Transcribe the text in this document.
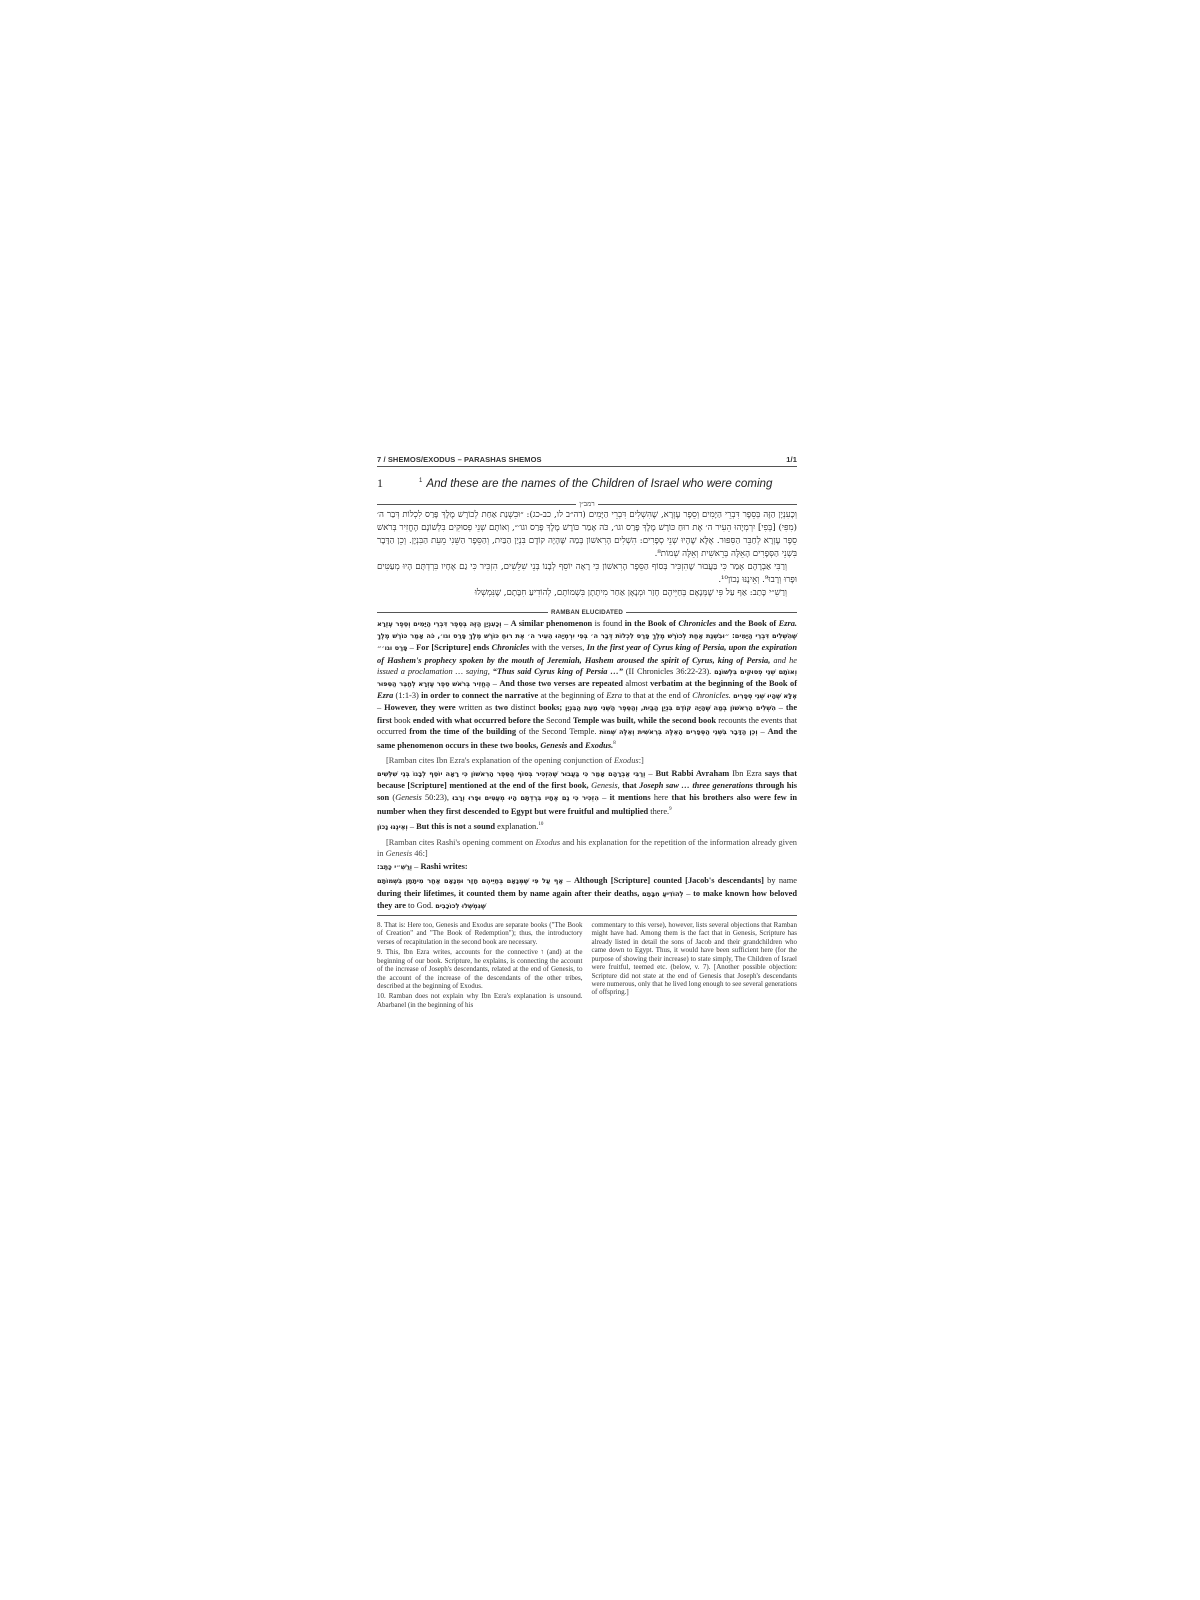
7 / SHEMOS/EXODUS – PARASHAS SHEMOS	1/1
1	$^1$ And these are the names of the Children of Israel who were coming
רמב״ן

וְכָעִנְיָן הַזֶּה בְּסֵפֶר דִּבְרֵי הַיָּמִים וְסֵפֶר עֶזְרָא, שֶׁהִשְׁלִים דִּבְרֵי הַיָּמִים (דה״ב לו, כב-כג): ״וּבִשְׁנַת אַחַת לְכוֹרֶשׁ מֶלֶךְ פָּרַס לִכְלוֹת דְּבַר ה׳ (מִפִּי) [בְּפִי] יִרְמְיָהוּ הֵעִיר ה׳ אֶת רוּחַ כּוֹרֶשׁ מֶלֶךְ פָּרַס וגו׳, כֹּה אָמַר כּוֹרֶשׁ מֶלֶךְ פָּרַס וגו׳״, וְאוֹתָם שְׁנֵי פְסוּקִים בִּלְשׁוֹנָם הֶחֱזִיר בְּרֹאשׁ סֵפֶר עֶזְרָא לְחַבֵּר הַסִּפּוּר. אֶלָּא שֶׁהָיוּ שְׁנֵי סְפָרִים: הִשְׁלִים הָרִאשׁוֹן בְּמַה שֶּׁהָיָה קוֹדֶם בִּנְיַן הַבַּיִת, וְהַסֵּפֶר הַשֵּׁנִי מֵעֵת הַבִּנְיָן. וְכֵן הַדָּבָר בִּשְׁנֵי הַסְּפָרִים הָאֵלֶּה בְּרֵאשִׁית וְאֵלֶּה שְׁמוֹת⁸.

וְרַבִּי אַבְרָהָם אָמַר כִּי בַּעֲבוּר שֶׁהִזְכִּיר בְּסוֹף הַסֵּפֶר הָרִאשׁוֹן כִּי רָאָה יוֹסֵף לְבָנוֹ בְּנֵי שִׁלֵּשִׁים, הִזְכִּיר כִּי גַם אֶחָיו בִּרְדְתָּם הָיוּ מְעַטִּים וּפָרוּ וְרָבוּ⁹. וְאֵינֶנּוּ נָכוֹן¹⁰.

וְרַשִׁ״י כָּתַב: אַף עַל פִּי שֶׁמְּנָאָם בְּחַיֵּיהֶם חָזַר וּמְנָאָן אַחַר מִיתָתָן בִּשְׁמוֹתָם, לְהוֹדִיעַ חִבָּתָם, שֶׁנִּמְשְׁלוּ

RAMBAN ELUCIDATED

וְכָעִנְיָן הַזֶּה בְּסֵפֶר דִּבְרֵי הַיָּמִים וְסֵפֶר עֶזְרָא – A similar phenomenon is found in the Book of Chronicles and the Book of Ezra. שֶׁהִשְׁלִים דִּבְרֵי הַיָּמִים: ״וּבִשְׁנַת אַחַת לְכוֹרֶשׁ מֶלֶךְ פָּרַס לִכְלוֹת דְּבַר ה׳ בְּפִי יִרְמְיָהוּ הֵעִיר ה׳ אֶת רוּחַ כּוֹרֶשׁ מֶלֶךְ פָּרַס וגו׳, כֹּה אָמַר כּוֹרֶשׁ מֶלֶךְ פָּרַס וגו׳״ – For [Scripture] ends Chronicles with the verses, In the first year of Cyrus king of Persia, upon the expiration of Hashem's prophecy spoken by the mouth of Jeremiah, Hashem aroused the spirit of Cyrus, king of Persia, and he issued a proclamation … saying, “Thus said Cyrus king of Persia …” (II Chronicles 36:22-23). וְאוֹתָם שְׁנֵי פְסוּקִים בִּלְשׁוֹנָם הֶחֱזִיר בְּרֹאשׁ סֵפֶר עֶזְרָא לְחַבֵּר הַסִּפּוּר – And those two verses are repeated almost verbatim at the beginning of the Book of Ezra (1:1-3) in order to connect the narrative at the beginning of Ezra to that at the end of Chronicles. אֶלָּא שֶׁהָיוּ שְׁנֵי סְפָרִים – However, they were written as two distinct books; הִשְׁלִים הָרִאשׁוֹן בְּמַה שֶּׁהָיָה קוֹדֶם בִּנְיַן הַבַּיִת, וְהַסֵּפֶר הַשֵּׁנִי מֵעֵת הַבִּנְיָן – the first book ended with what occurred before the Second Temple was built, while the second book recounts the events that occurred from the time of the building of the Second Temple. וְכֵן הַדָּבָר בִּשְׁנֵי הַסְּפָרִים הָאֵלֶּה בְּרֵאשִׁית וְאֵלֶּה שְׁמוֹת – And the same phenomenon occurs in these two books, Genesis and Exodus.$^8$

[Ramban cites Ibn Ezra's explanation of the opening conjunction of Exodus:]

וְרַבִּי אַבְרָהָם אָמַר כִּי בַּעֲבוּר שֶׁהִזְכִּיר בְּסוֹף הַסֵּפֶר הָרִאשׁוֹן כִּי רָאָה יוֹסֵף לְבָנוֹ בְּנֵי שִׁלֵּשִׁים – But Rabbi Avraham Ibn Ezra says that because [Scripture] mentioned at the end of the first book, Genesis, that Joseph saw … three generations through his son (Genesis 50:23), הִזְכִּיר כִּי גַם אֶחָיו בִּרְדְתָּם הָיוּ מְעַטִּים וּפָרוּ וְרָבוּ – it mentions here that his brothers also were few in number when they first descended to Egypt but were fruitful and multiplied there.$^9$

וְאֵינֶנּוּ נָכוֹן – But this is not a sound explanation.$^{10}$

[Ramban cites Rashi's opening comment on Exodus and his explanation for the repetition of the information already given in Genesis 46:]

וְרַשִׁ״י כָּתַב: – Rashi writes:

אַף עַל פִּי שֶׁמְּנָאָם בְּחַיֵּיהֶם חָזַר וּמְנָאָם אַחַר מִיתָתָן בִּשְׁמוֹתָם – Although [Scripture] counted [Jacob's descendants] by name during their lifetimes, it counted them by name again after their deaths, לְהוֹדִיעַ חִבָּתָם – to make known how beloved they are to God. שֶׁנִּמְשְׁלוּ לְכוֹכָבִים

8. That is: Here too, Genesis and Exodus are separate books ("The Book of Creation" and "The Book of Redemption"); thus, the introductory verses of recapitulation in the second book are necessary.

9. This, Ibn Ezra writes, accounts for the connective ו (and) at the beginning of our book. Scripture, he explains, is connecting the account of the increase of Joseph's descendants, related at the end of Genesis, to the account of the increase of the descendants of the other tribes, described at the beginning of Exodus.

10. Ramban does not explain why Ibn Ezra's explanation is unsound. Abarbanel (in the beginning of his

commentary to this verse), however, lists several objections that Ramban might have had. Among them is the fact that in Genesis, Scripture has already listed in detail the sons of Jacob and their grandchildren who came down to Egypt. Thus, it would have been sufficient here (for the purpose of showing their increase) to state simply, The Children of Israel were fruitful, teemed etc. (below, v. 7). [Another possible objection: Scripture did not state at the end of Genesis that Joseph's descendants were numerous, only that he lived long enough to see several generations of offspring.]
